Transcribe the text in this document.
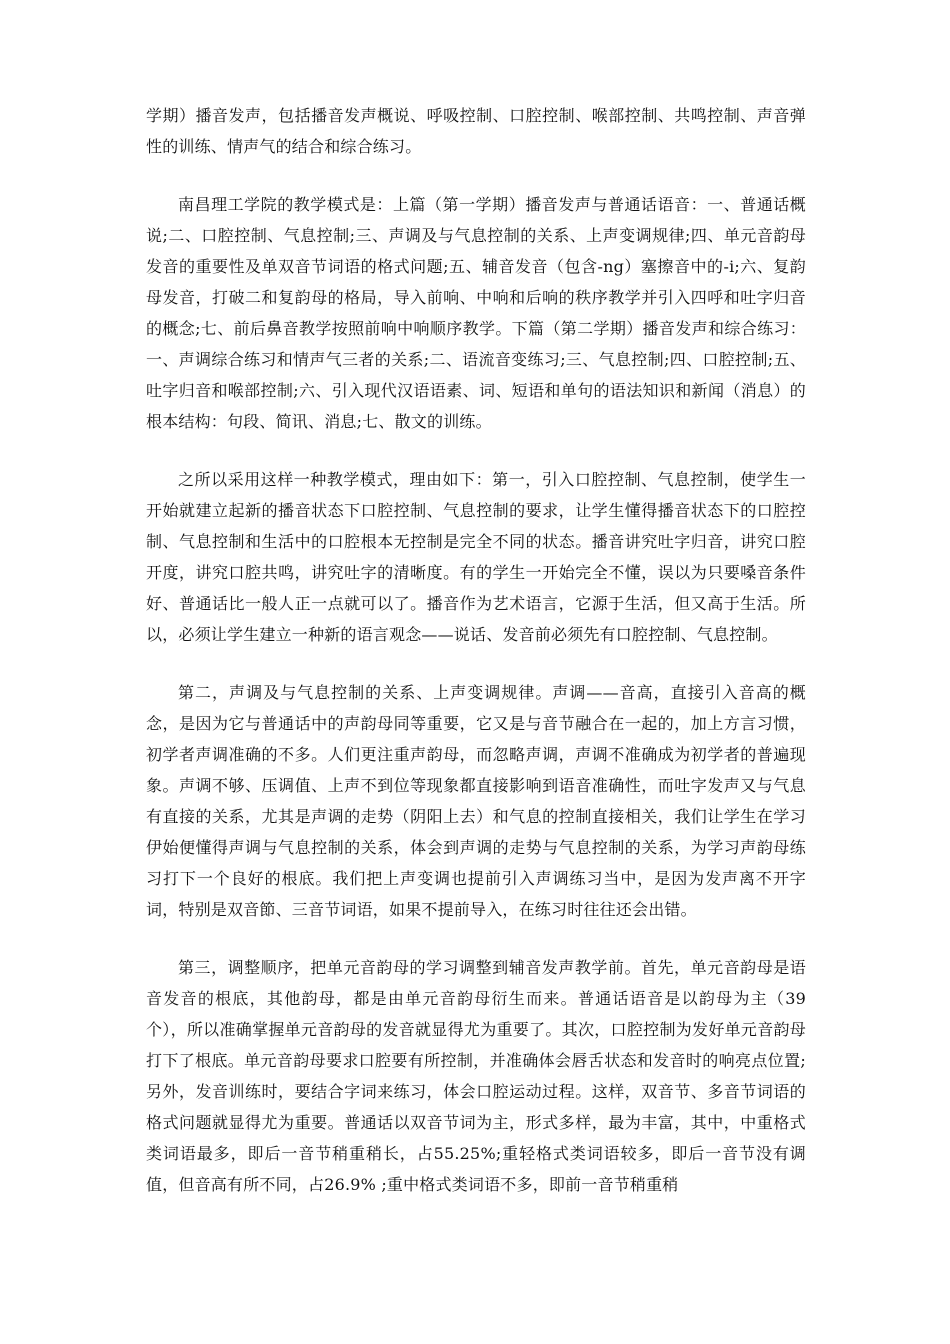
学期）播音发声，包括播音发声概说、呼吸控制、口腔控制、喉部控制、共鸣控制、声音弹性的训练、情声气的结合和综合练习。

南昌理工学院的教学模式是：上篇（第一学期）播音发声与普通话语音：一、普通话概说;二、口腔控制、气息控制;三、声调及与气息控制的关系、上声变调规律;四、单元音韵母发音的重要性及单双音节词语的格式问题;五、辅音发音（包含-ng）塞擦音中的-i;六、复韵母发音，打破二和复韵母的格局，导入前响、中响和后响的秩序教学并引入四呼和吐字归音的概念;七、前后鼻音教学按照前响中响顺序教学。下篇（第二学期）播音发声和综合练习：一、声调综合练习和情声气三者的关系;二、语流音变练习;三、气息控制;四、口腔控制;五、吐字归音和喉部控制;六、引入现代汉语语素、词、短语和单句的语法知识和新闻（消息）的根本结构：句段、简讯、消息;七、散文的训练。

之所以采用这样一种教学模式，理由如下：第一，引入口腔控制、气息控制，使学生一开始就建立起新的播音状态下口腔控制、气息控制的要求，让学生懂得播音状态下的口腔控制、气息控制和生活中的口腔根本无控制是完全不同的状态。播音讲究吐字归音，讲究口腔开度，讲究口腔共鸣，讲究吐字的清晰度。有的学生一开始完全不懂，误以为只要嗓音条件好、普通话比一般人正一点就可以了。播音作为艺术语言，它源于生活，但又高于生活。所以，必须让学生建立一种新的语言观念——说话、发音前必须先有口腔控制、气息控制。

第二，声调及与气息控制的关系、上声变调规律。声调——音高，直接引入音高的概念，是因为它与普通话中的声韵母同等重要，它又是与音节融合在一起的，加上方言习惯，初学者声调准确的不多。人们更注重声韵母，而忽略声调，声调不准确成为初学者的普遍现象。声调不够、压调值、上声不到位等现象都直接影响到语音准确性，而吐字发声又与气息有直接的关系，尤其是声调的走势（阴阳上去）和气息的控制直接相关，我们让学生在学习伊始便懂得声调与气息控制的关系，体会到声调的走势与气息控制的关系，为学习声韵母练习打下一个良好的根底。我们把上声变调也提前引入声调练习当中，是因为发声离不开字词，特别是双音節、三音节词语，如果不提前导入，在练习时往往还会出错。

第三，调整顺序，把单元音韵母的学习调整到辅音发声教学前。首先，单元音韵母是语音发音的根底，其他韵母，都是由单元音韵母衍生而来。普通话语音是以韵母为主（39个），所以准确掌握单元音韵母的发音就显得尤为重要了。其次，口腔控制为发好单元音韵母打下了根底。单元音韵母要求口腔要有所控制，并准确体会唇舌状态和发音时的响亮点位置;另外，发音训练时，要结合字词来练习，体会口腔运动过程。这样，双音节、多音节词语的格式问题就显得尤为重要。普通话以双音节词为主，形式多样，最为丰富，其中，中重格式类词语最多，即后一音节稍重稍长，占55.25%;重轻格式类词语较多，即后一音节没有调值，但音高有所不同，占26.9% ;重中格式类词语不多，即前一音节稍重稍
